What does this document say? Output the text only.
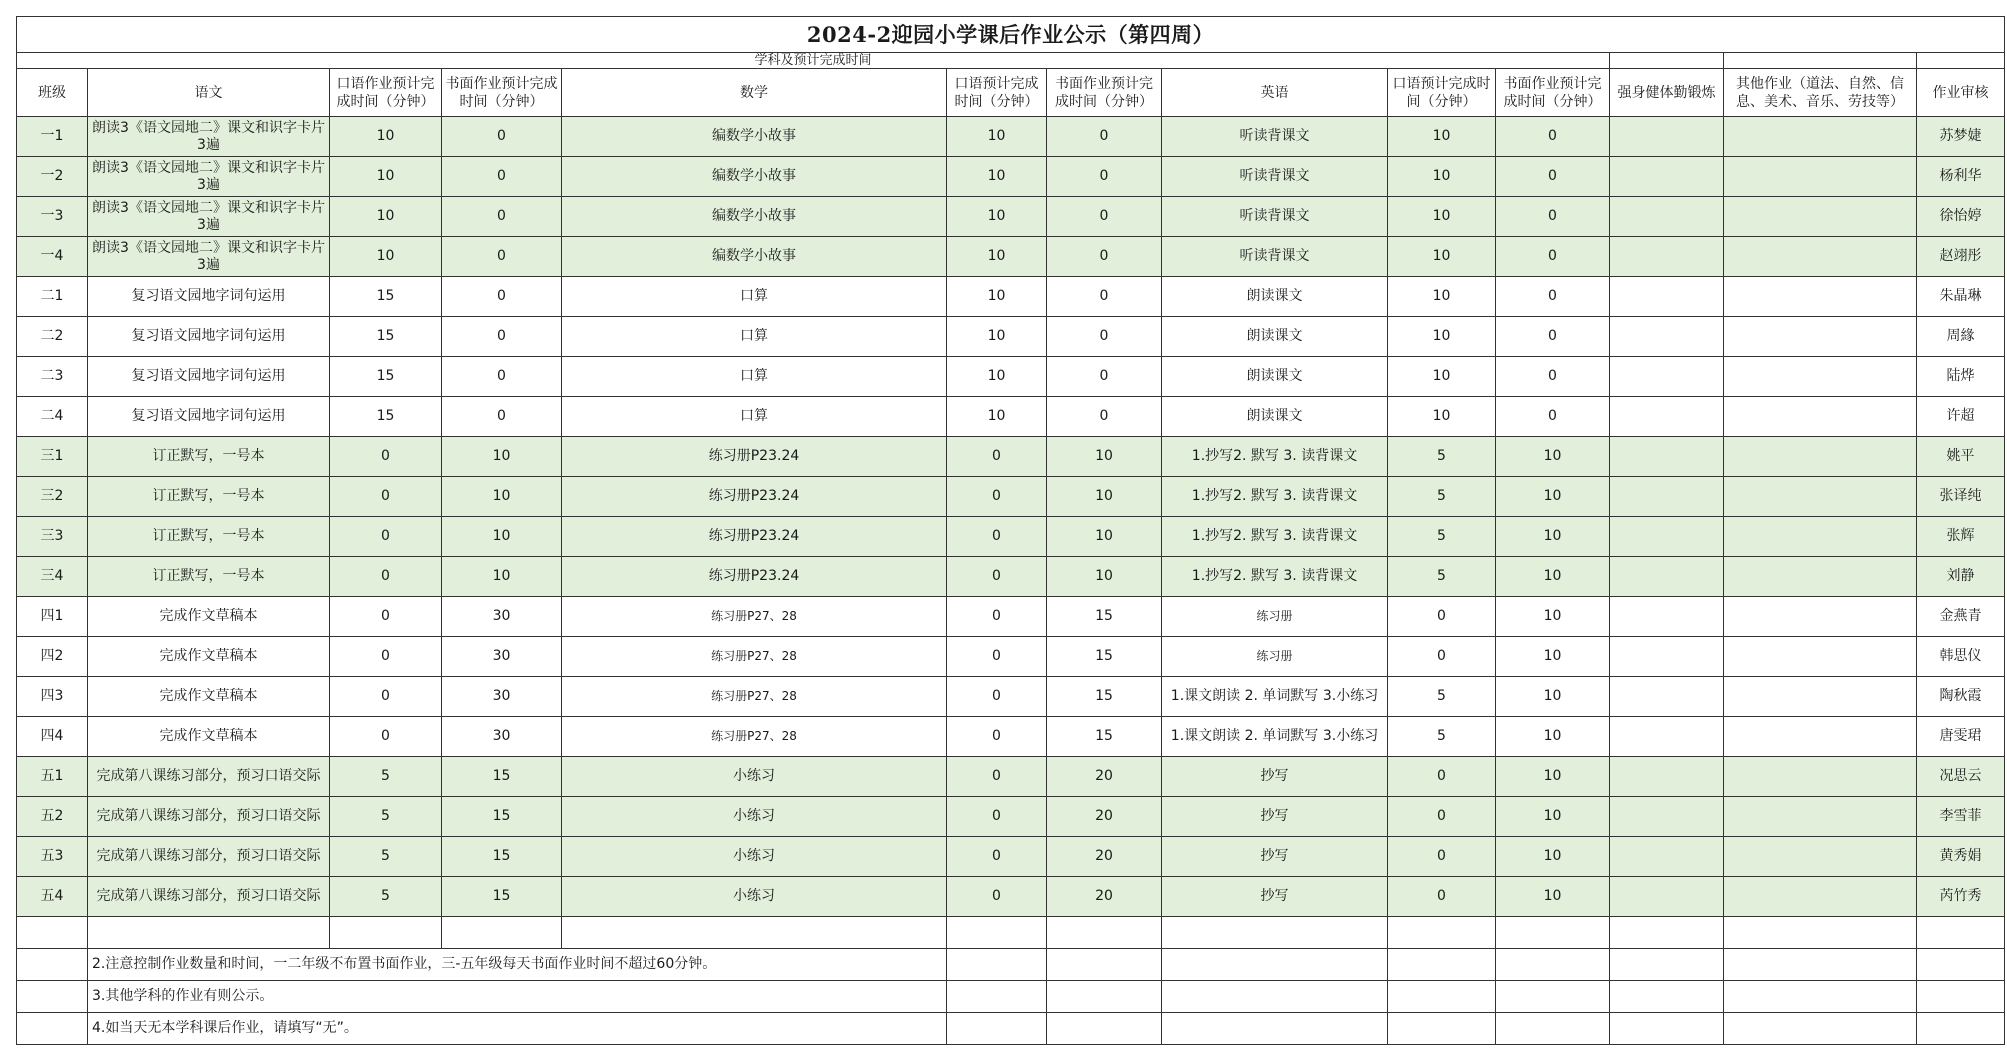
2024-2迎园小学课后作业公示（第四周）												
学科及预计完成时间												
班级	语文	口语作业预计完成时间（分钟）	书面作业预计完成时间（分钟）	数学	口语预计完成时间（分钟）	书面作业预计完成时间（分钟）	英语	口语预计完成时间（分钟）	书面作业预计完成时间（分钟）	强身健体勤锻炼	其他作业（道法、自然、信息、美术、音乐、劳技等）	作业审核
一1	朗读3《语文园地二》课文和识字卡片3遍	10	0	编数学小故事	10	0	听读背课文	10	0			苏梦婕
一2	朗读3《语文园地二》课文和识字卡片3遍	10	0	编数学小故事	10	0	听读背课文	10	0			杨利华
一3	朗读3《语文园地二》课文和识字卡片3遍	10	0	编数学小故事	10	0	听读背课文	10	0			徐怡婷
一4	朗读3《语文园地二》课文和识字卡片3遍	10	0	编数学小故事	10	0	听读背课文	10	0			赵翊彤
二1	复习语文园地字词句运用	15	0	口算	10	0	朗读课文	10	0			朱晶琳
二2	复习语文园地字词句运用	15	0	口算	10	0	朗读课文	10	0			周緣
二3	复习语文园地字词句运用	15	0	口算	10	0	朗读课文	10	0			陆烨
二4	复习语文园地字词句运用	15	0	口算	10	0	朗读课文	10	0			许超
三1	订正默写，一号本	0	10	练习册P23.24	0	10	1.抄写2. 默写 3. 读背课文	5	10			姚平
三2	订正默写，一号本	0	10	练习册P23.24	0	10	1.抄写2. 默写 3. 读背课文	5	10			张译纯
三3	订正默写，一号本	0	10	练习册P23.24	0	10	1.抄写2. 默写 3. 读背课文	5	10			张辉
三4	订正默写，一号本	0	10	练习册P23.24	0	10	1.抄写2. 默写 3. 读背课文	5	10			刘静
四1	完成作文草稿本	0	30	练习册P27、28	0	15	练习册	0	10			金燕青
四2	完成作文草稿本	0	30	练习册P27、28	0	15	练习册	0	10			韩思仪
四3	完成作文草稿本	0	30	练习册P27、28	0	15	1.课文朗读 2. 单词默写 3.小练习	5	10			陶秋霞
四4	完成作文草稿本	0	30	练习册P27、28	0	15	1.课文朗读 2. 单词默写 3.小练习	5	10			唐雯珺
五1	完成第八课练习部分，预习口语交际	5	15	小练习	0	20	抄写	0	10			况思云
五2	完成第八课练习部分，预习口语交际	5	15	小练习	0	20	抄写	0	10			李雪菲
五3	完成第八课练习部分，预习口语交际	5	15	小练习	0	20	抄写	0	10			黄秀娟
五4	完成第八课练习部分，预习口语交际	5	15	小练习	0	20	抄写	0	10			芮竹秀

	2.注意控制作业数量和时间，一二年级不布置书面作业，三-五年级每天书面作业时间不超过60分钟。											
	3.其他学科的作业有则公示。											
	4.如当天无本学科课后作业，请填写“无”。											
